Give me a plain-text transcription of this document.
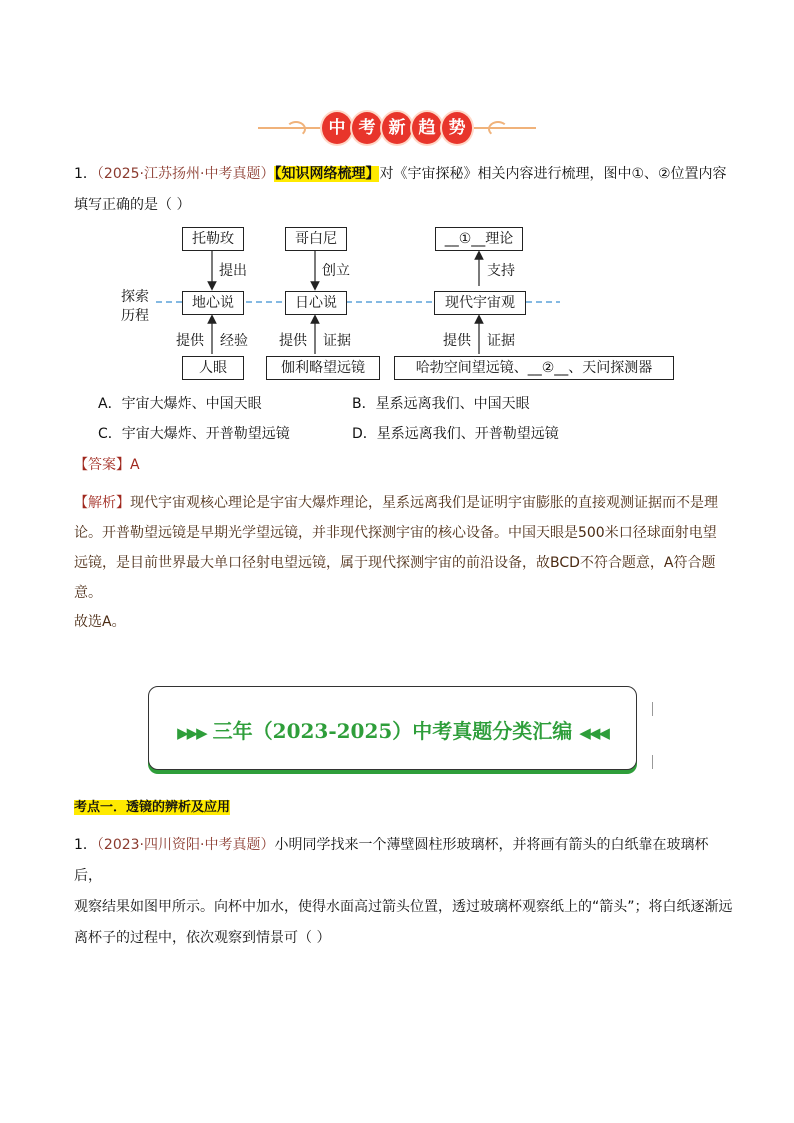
中 考 新 趋 势
1．（2025·江苏扬州·中考真题）【知识网络梳理】对《宇宙探秘》相关内容进行梳理，图中①、②位置内容
填写正确的是（ ）
探索
历程
托勒玫	哥白尼	__①__理论
提出	创立	支持
地心说	日心说	现代宇宙观
提供 经验 提供 证据	提供 证据
人眼	伽利略望远镜	哈勃空间望远镜、__②__、天问探测器
A．宇宙大爆炸、中国天眼	B．星系远离我们、中国天眼
C．宇宙大爆炸、开普勒望远镜	D．星系远离我们、开普勒望远镜
【答案】A
【解析】现代宇宙观核心理论是宇宙大爆炸理论，星系远离我们是证明宇宙膨胀的直接观测证据而不是理
论。开普勒望远镜是早期光学望远镜，并非现代探测宇宙的核心设备。中国天眼是500米口径球面射电望
远镜，是目前世界最大单口径射电望远镜，属于现代探测宇宙的前沿设备，故BCD不符合题意，A符合题
意。
故选A。
▶▶▶ 三年（2023-2025）中考真题分类汇编 ◀◀◀
考点一．透镜的辨析及应用
1．（2023·四川资阳·中考真题）小明同学找来一个薄壁圆柱形玻璃杯，并将画有箭头的白纸靠在玻璃杯后，
观察结果如图甲所示。向杯中加水，使得水面高过箭头位置，透过玻璃杯观察纸上的“箭头”；将白纸逐渐远
离杯子的过程中，依次观察到情景可（ ）
